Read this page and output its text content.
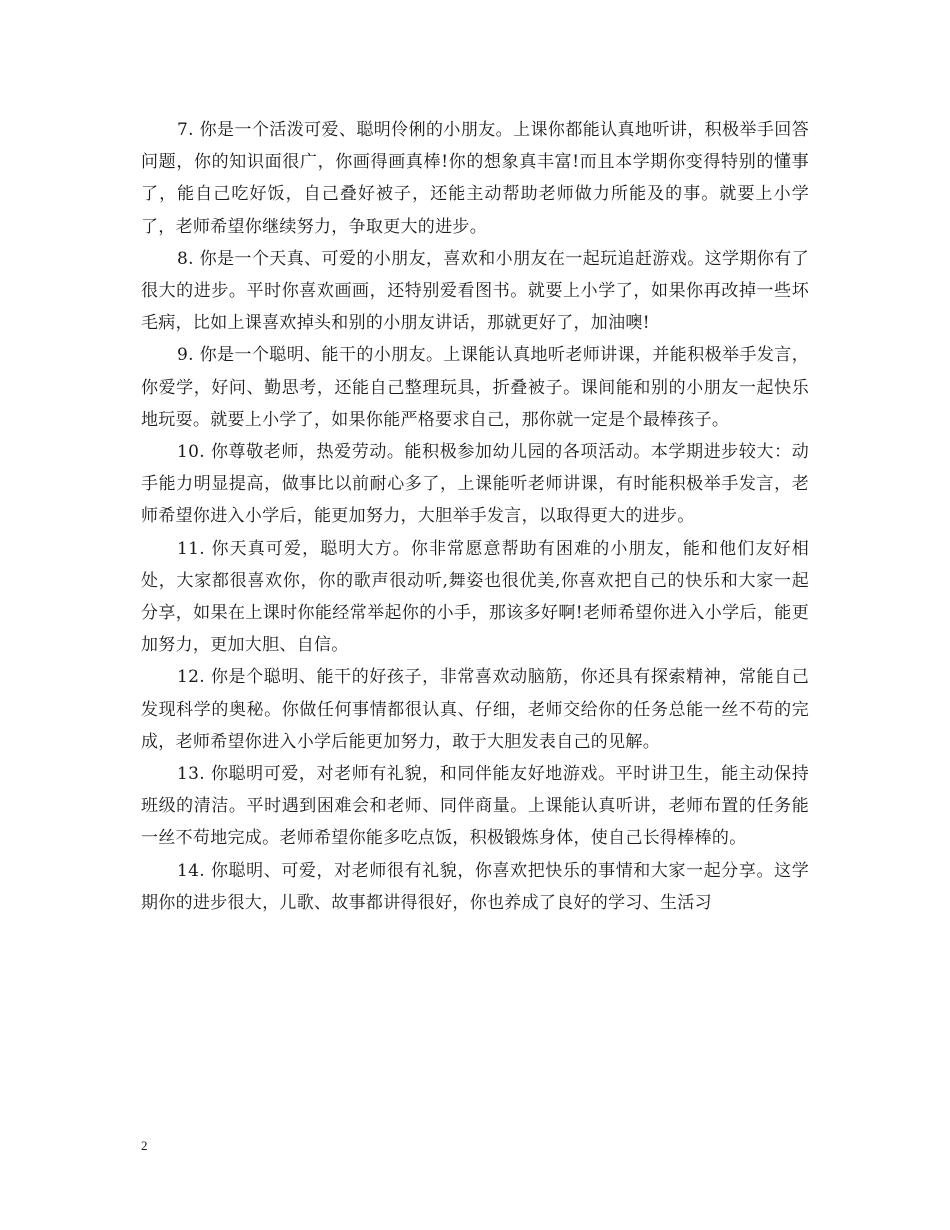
7. 你是一个活泼可爱、聪明伶俐的小朋友。上课你都能认真地听讲，积极举手回答问题，你的知识面很广，你画得画真棒!你的想象真丰富!而且本学期你变得特别的懂事了，能自己吃好饭，自己叠好被子，还能主动帮助老师做力所能及的事。就要上小学了，老师希望你继续努力，争取更大的进步。

8. 你是一个天真、可爱的小朋友，喜欢和小朋友在一起玩追赶游戏。这学期你有了很大的进步。平时你喜欢画画，还特别爱看图书。就要上小学了，如果你再改掉一些坏毛病，比如上课喜欢掉头和别的小朋友讲话，那就更好了，加油噢!

9. 你是一个聪明、能干的小朋友。上课能认真地听老师讲课，并能积极举手发言，你爱学，好问、勤思考，还能自己整理玩具，折叠被子。课间能和别的小朋友一起快乐地玩耍。就要上小学了，如果你能严格要求自己，那你就一定是个最棒孩子。

10. 你尊敬老师，热爱劳动。能积极参加幼儿园的各项活动。本学期进步较大：动手能力明显提高，做事比以前耐心多了，上课能听老师讲课，有时能积极举手发言，老师希望你进入小学后，能更加努力，大胆举手发言，以取得更大的进步。

11. 你天真可爱，聪明大方。你非常愿意帮助有困难的小朋友，能和他们友好相处，大家都很喜欢你，你的歌声很动听,舞姿也很优美,你喜欢把自己的快乐和大家一起分享，如果在上课时你能经常举起你的小手，那该多好啊!老师希望你进入小学后，能更加努力，更加大胆、自信。

12. 你是个聪明、能干的好孩子，非常喜欢动脑筋，你还具有探索精神，常能自己发现科学的奥秘。你做任何事情都很认真、仔细，老师交给你的任务总能一丝不苟的完成，老师希望你进入小学后能更加努力，敢于大胆发表自己的见解。

13. 你聪明可爱，对老师有礼貌，和同伴能友好地游戏。平时讲卫生，能主动保持班级的清洁。平时遇到困难会和老师、同伴商量。上课能认真听讲，老师布置的任务能一丝不苟地完成。老师希望你能多吃点饭，积极锻炼身体，使自己长得棒棒的。

14. 你聪明、可爱，对老师很有礼貌，你喜欢把快乐的事情和大家一起分享。这学期你的进步很大，儿歌、故事都讲得很好，你也养成了良好的学习、生活习

2
